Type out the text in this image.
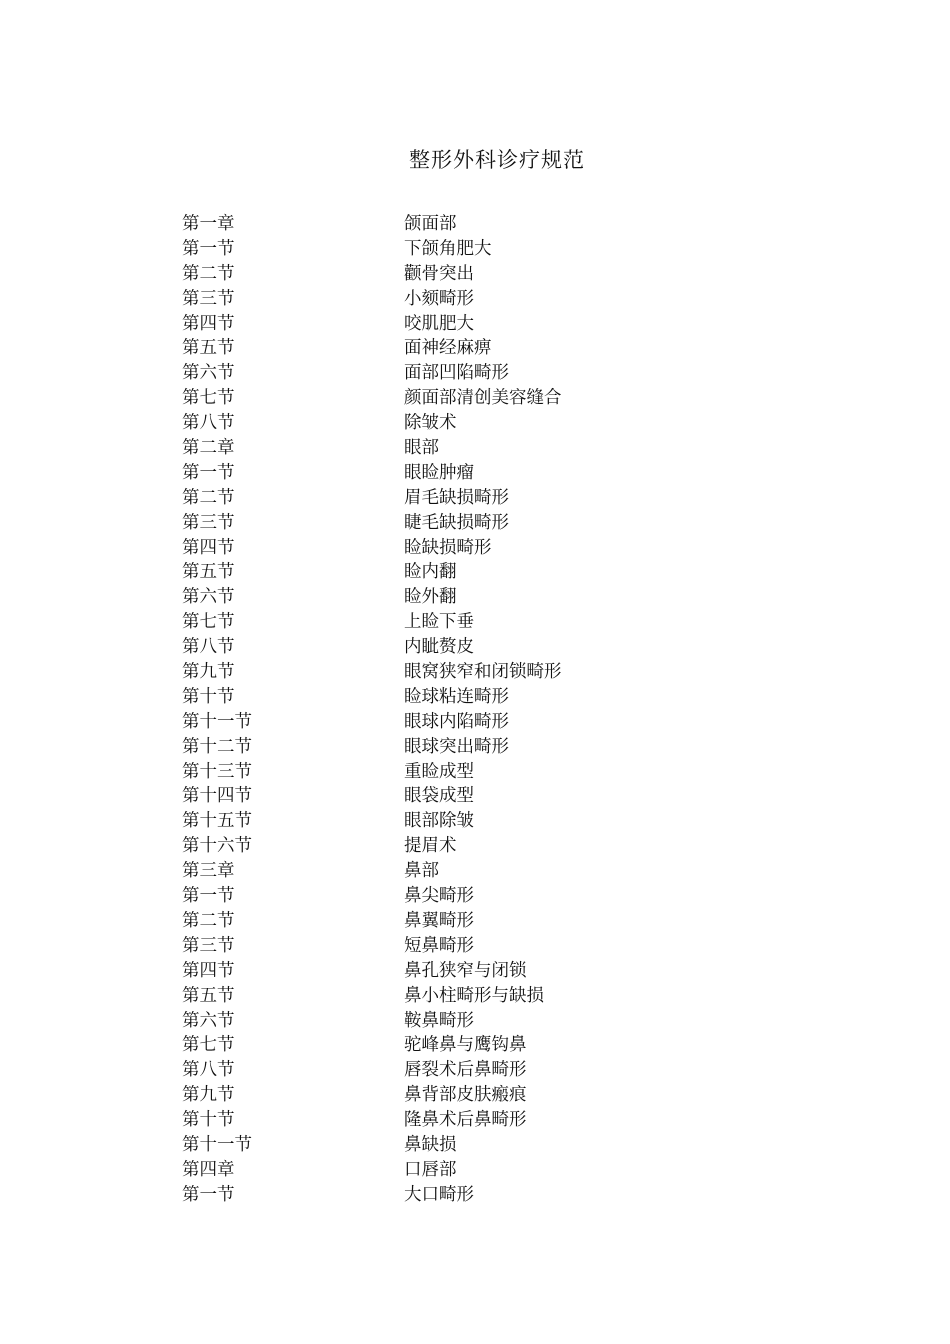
整形外科诊疗规范
第一章	颌面部
第一节	下颌角肥大
第二节	颧骨突出
第三节	小颏畸形
第四节	咬肌肥大
第五节	面神经麻痹
第六节	面部凹陷畸形
第七节	颜面部清创美容缝合
第八节	除皱术
第二章	眼部
第一节	眼睑肿瘤
第二节	眉毛缺损畸形
第三节	睫毛缺损畸形
第四节	睑缺损畸形
第五节	睑内翻
第六节	睑外翻
第七节	上睑下垂
第八节	内眦赘皮
第九节	眼窝狭窄和闭锁畸形
第十节	睑球粘连畸形
第十一节	眼球内陷畸形
第十二节	眼球突出畸形
第十三节	重睑成型
第十四节	眼袋成型
第十五节	眼部除皱
第十六节	提眉术
第三章	鼻部
第一节	鼻尖畸形
第二节	鼻翼畸形
第三节	短鼻畸形
第四节	鼻孔狭窄与闭锁
第五节	鼻小柱畸形与缺损
第六节	鞍鼻畸形
第七节	驼峰鼻与鹰钩鼻
第八节	唇裂术后鼻畸形
第九节	鼻背部皮肤瘢痕
第十节	隆鼻术后鼻畸形
第十一节	鼻缺损
第四章	口唇部
第一节	大口畸形
